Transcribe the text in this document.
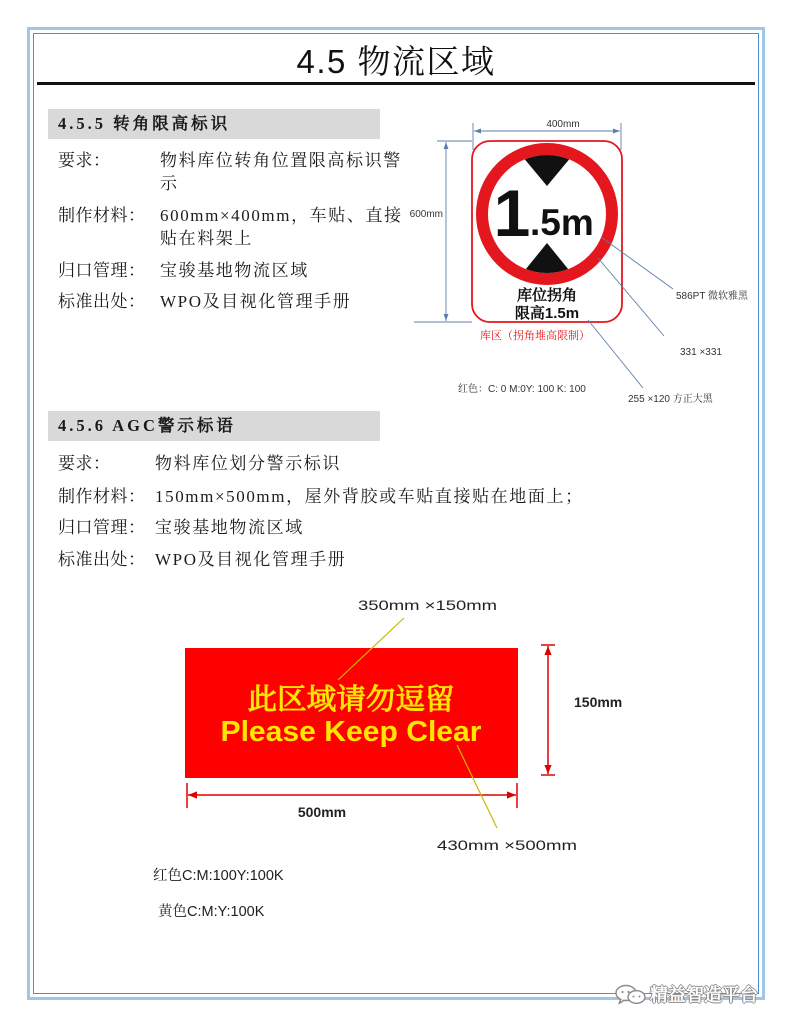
4.5 物流区域
4.5.5 转角限高标识
要求：	物料库位转角位置限高标识警示
制作材料： 600mm×400mm，车贴、直接贴在料架上
归口管理： 宝骏基地物流区域
标准出处： WPO及目视化管理手册
400mm
600mm 1 .5m
库位拐角
限高1.5m
库区（拐角堆高限制）
586PT 微软雅黑
331 ×331
255 ×120 方正大黑
红色：C: 0 M:0Y: 100 K: 100
4.5.6 AGC警示标语
要求：	物料库位划分警示标识
制作材料： 150mm×500mm，屋外背胶或车贴直接贴在地面上；
归口管理： 宝骏基地物流区域
标准出处： WPO及目视化管理手册
此区域请勿逗留
Please Keep Clear
350mm ×150mm
150mm
500mm
430mm ×500mm
红色C:M:100Y:100K
黄色C:M:Y:100K
精益智造平台
